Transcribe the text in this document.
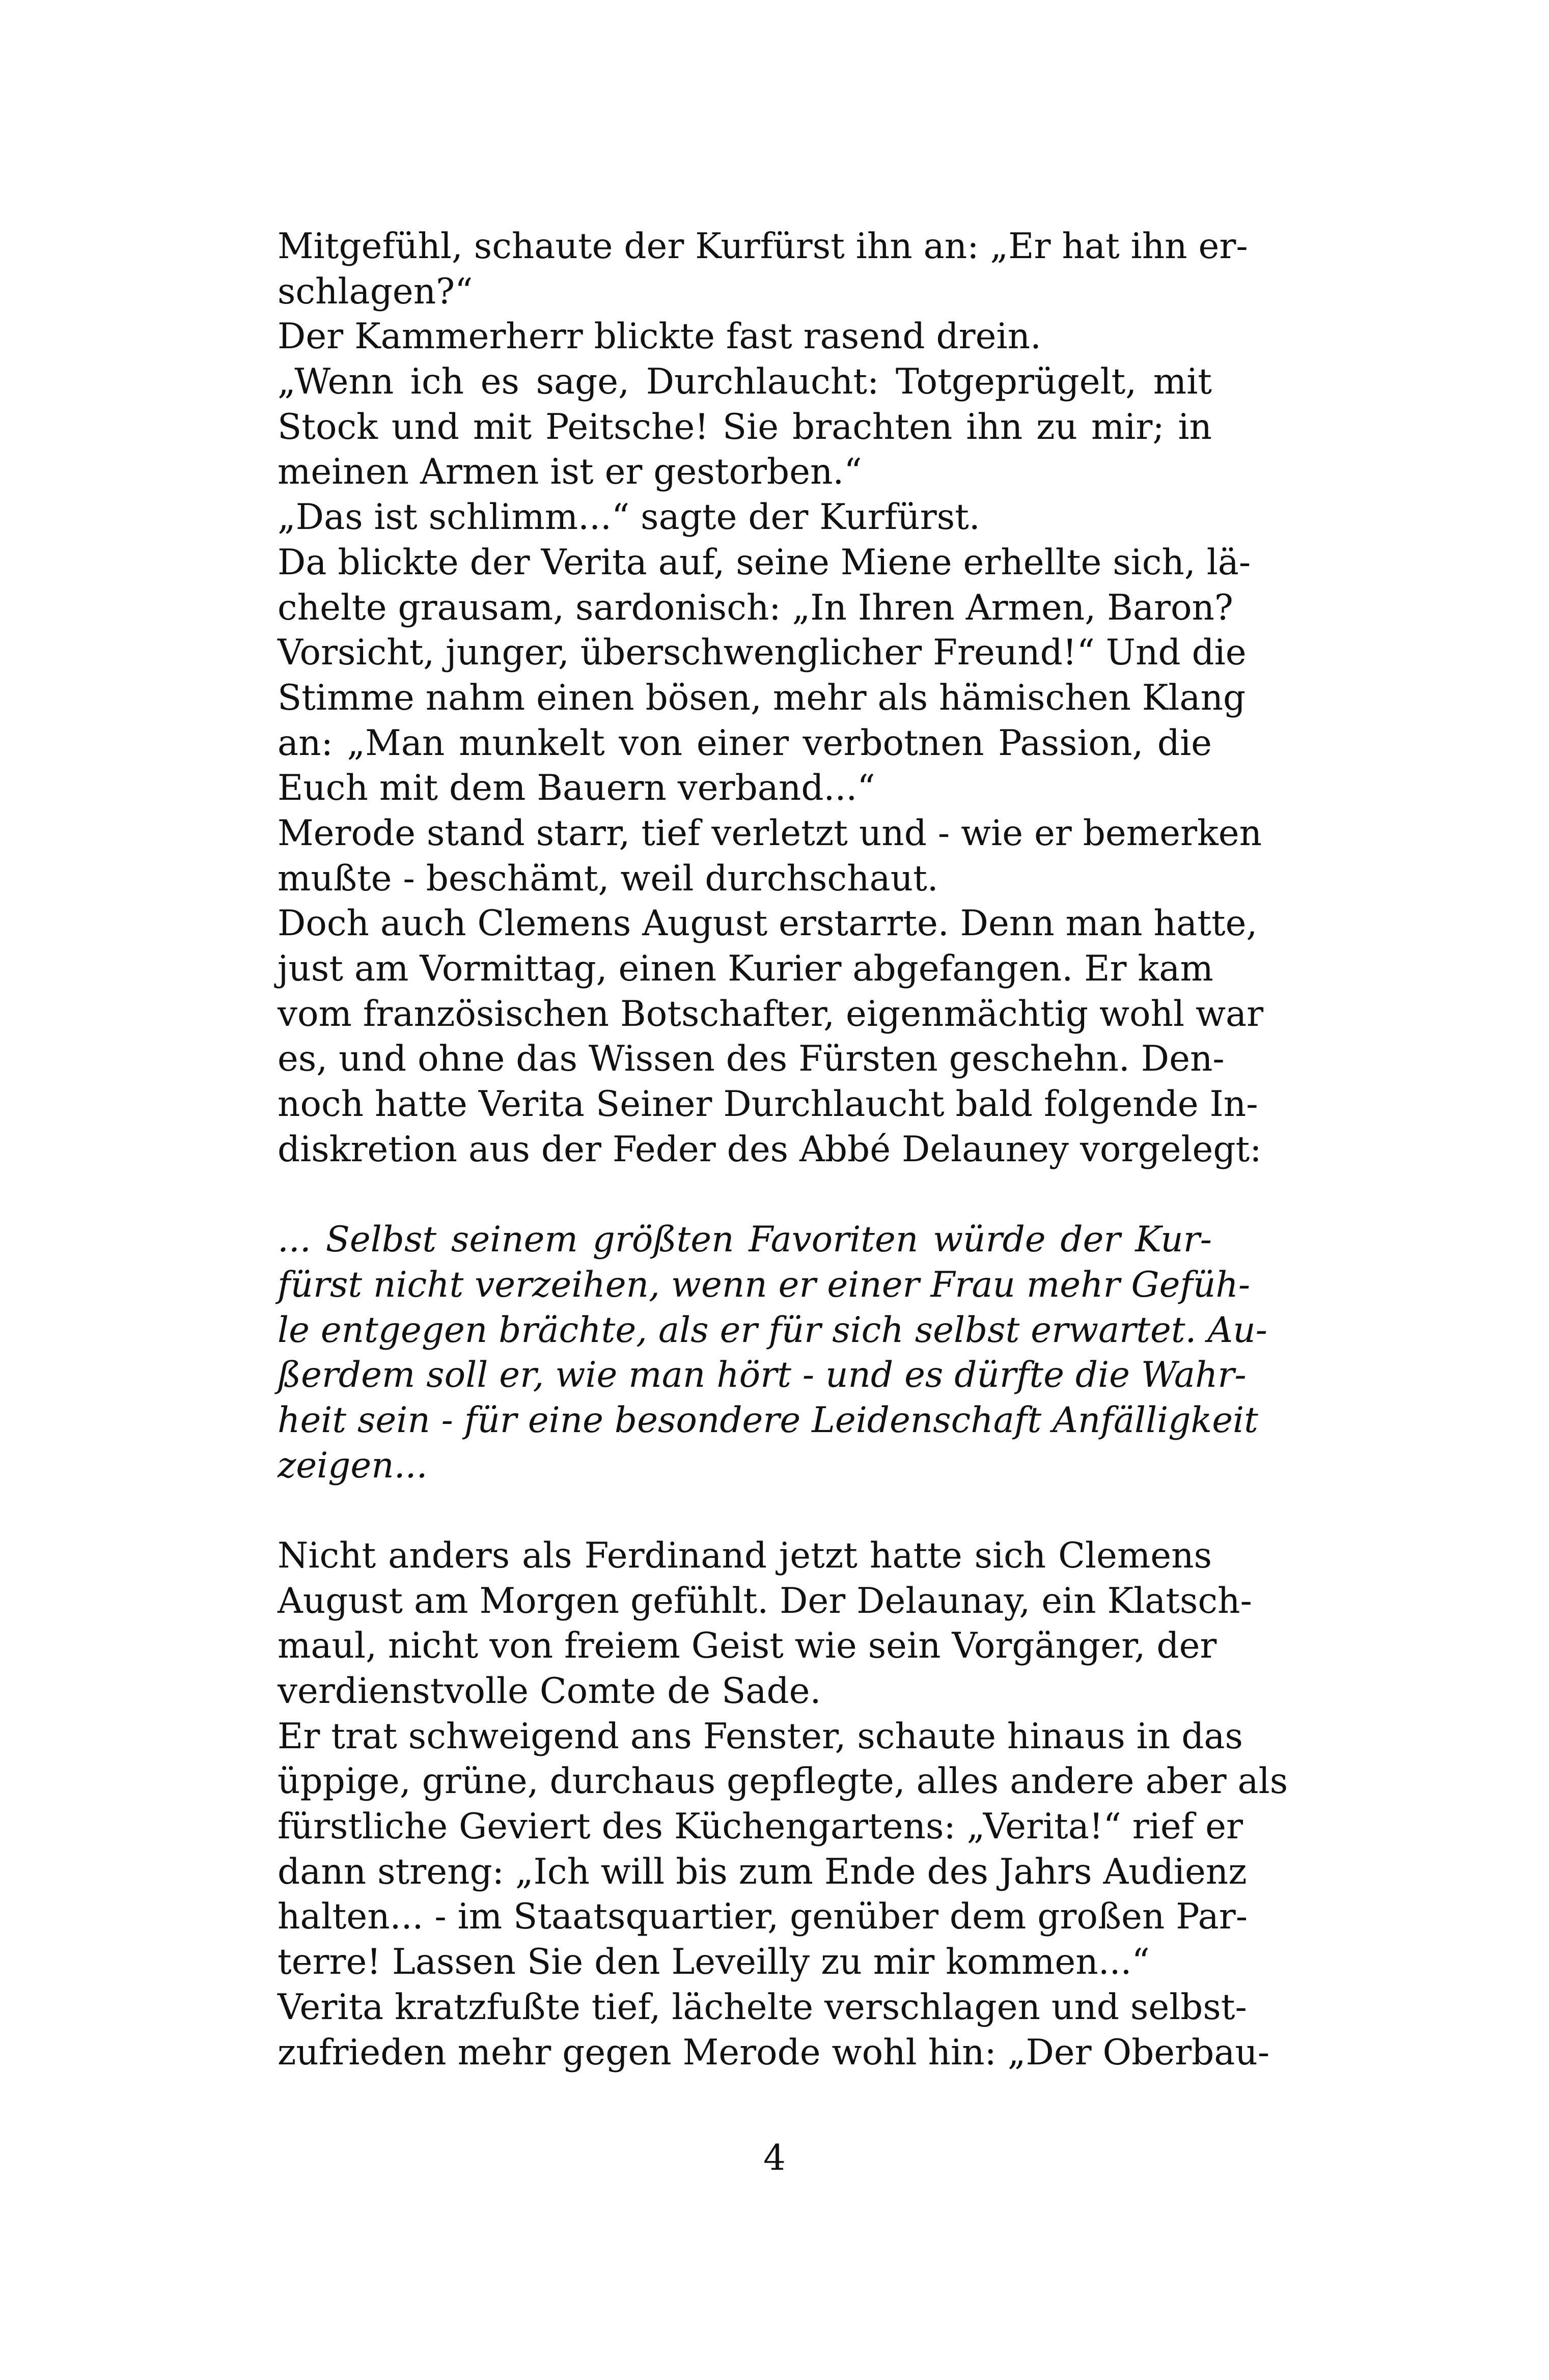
Mitgefühl, schaute der Kurfürst ihn an: „Er hat ihn er-
schlagen?“
Der Kammerherr blickte fast rasend drein.
„Wenn ich es sage, Durchlaucht: Totgeprügelt, mit
Stock und mit Peitsche! Sie brachten ihn zu mir; in
meinen Armen ist er gestorben.“
„Das ist schlimm...“ sagte der Kurfürst.
Da blickte der Verita auf, seine Miene erhellte sich, lä-
chelte grausam, sardonisch: „In Ihren Armen, Baron?
Vorsicht, junger, überschwenglicher Freund!“ Und die
Stimme nahm einen bösen, mehr als hämischen Klang
an: „Man munkelt von einer verbotnen Passion, die
Euch mit dem Bauern verband...“
Merode stand starr, tief verletzt und - wie er bemerken
mußte - beschämt, weil durchschaut.
Doch auch Clemens August erstarrte. Denn man hatte,
just am Vormittag, einen Kurier abgefangen. Er kam
vom französischen Botschafter, eigenmächtig wohl war
es, und ohne das Wissen des Fürsten geschehn. Den-
noch hatte Verita Seiner Durchlaucht bald folgende In-
diskretion aus der Feder des Abbé Delauney vorgelegt:
... Selbst seinem größten Favoriten würde der Kur-
fürst nicht verzeihen, wenn er einer Frau mehr Gefüh-
le entgegen brächte, als er für sich selbst erwartet. Au-
ßerdem soll er, wie man hört - und es dürfte die Wahr-
heit sein - für eine besondere Leidenschaft Anfälligkeit
zeigen...
Nicht anders als Ferdinand jetzt hatte sich Clemens
August am Morgen gefühlt. Der Delaunay, ein Klatsch-
maul, nicht von freiem Geist wie sein Vorgänger, der
verdienstvolle Comte de Sade.
Er trat schweigend ans Fenster, schaute hinaus in das
üppige, grüne, durchaus gepflegte, alles andere aber als
fürstliche Geviert des Küchengartens: „Verita!“ rief er
dann streng: „Ich will bis zum Ende des Jahrs Audienz
halten... - im Staatsquartier, genüber dem großen Par-
terre! Lassen Sie den Leveilly zu mir kommen...“
Verita kratzfußte tief, lächelte verschlagen und selbst-
zufrieden mehr gegen Merode wohl hin: „Der Oberbau-
4
